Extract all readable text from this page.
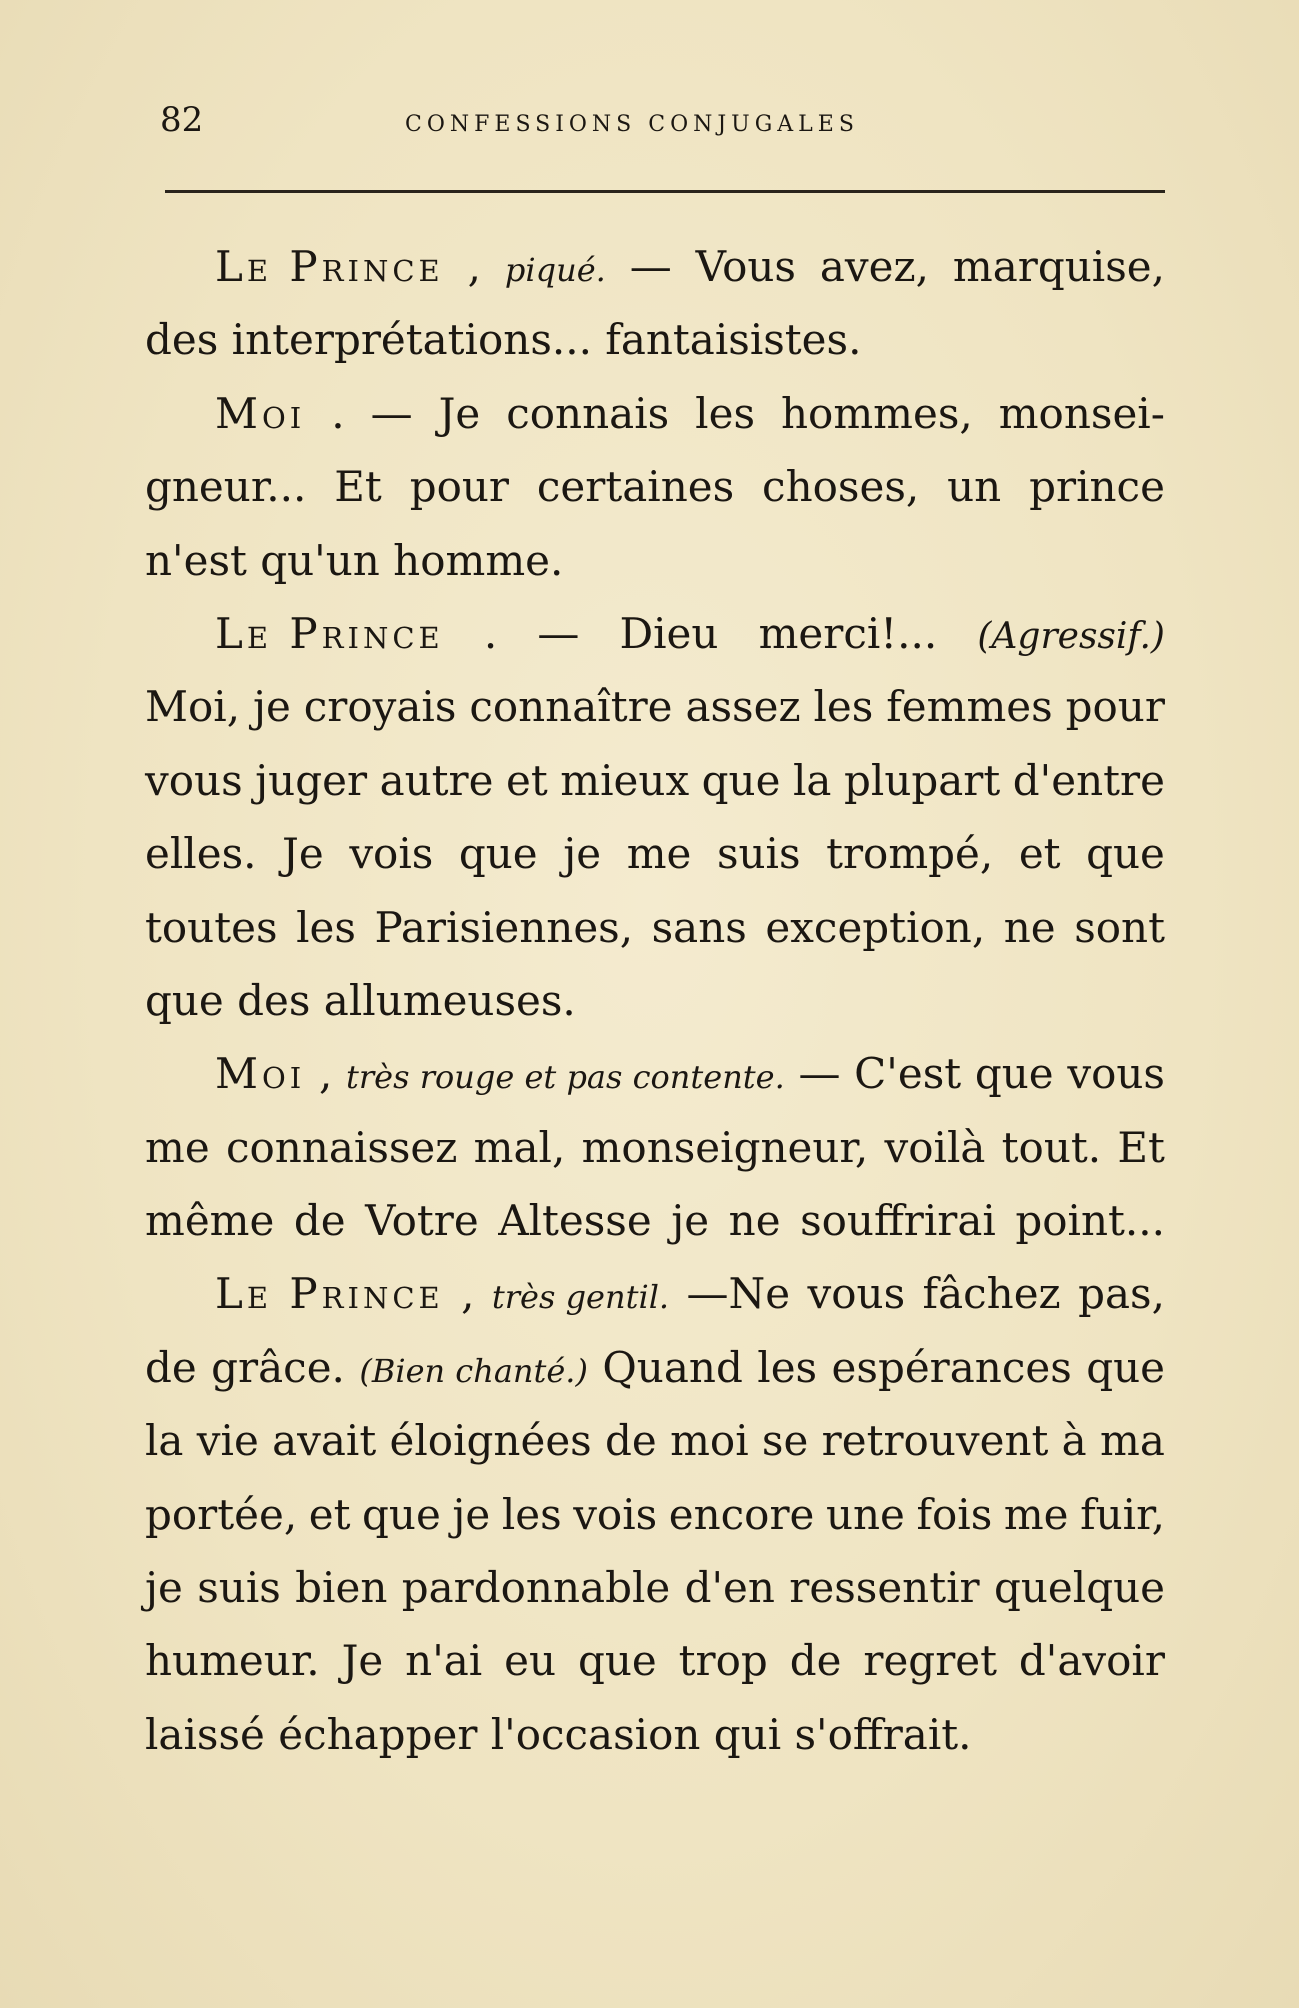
82	CONFESSIONS CONJUGALES
Le Prince , piqué. — Vous avez, marquise,
des interprétations... fantaisistes.
Moi . — Je connais les hommes, monsei-
gneur... Et pour certaines choses, un prince
n'est qu'un homme.
Le Prince . — Dieu merci!... (Agressif.)
Moi, je croyais connaître assez les femmes pour
vous juger autre et mieux que la plupart d'entre
elles. Je vois que je me suis trompé, et que
toutes les Parisiennes, sans exception, ne sont
que des allumeuses.
Moi , très rouge et pas contente. — C'est que vous
me connaissez mal, monseigneur, voilà tout. Et
même de Votre Altesse je ne souffrirai point...
Le Prince , très gentil. —Ne vous fâchez pas,
de grâce. (Bien chanté.) Quand les espérances que
la vie avait éloignées de moi se retrouvent à ma
portée, et que je les vois encore une fois me fuir,
je suis bien pardonnable d'en ressentir quelque
humeur. Je n'ai eu que trop de regret d'avoir
laissé échapper l'occasion qui s'offrait.
